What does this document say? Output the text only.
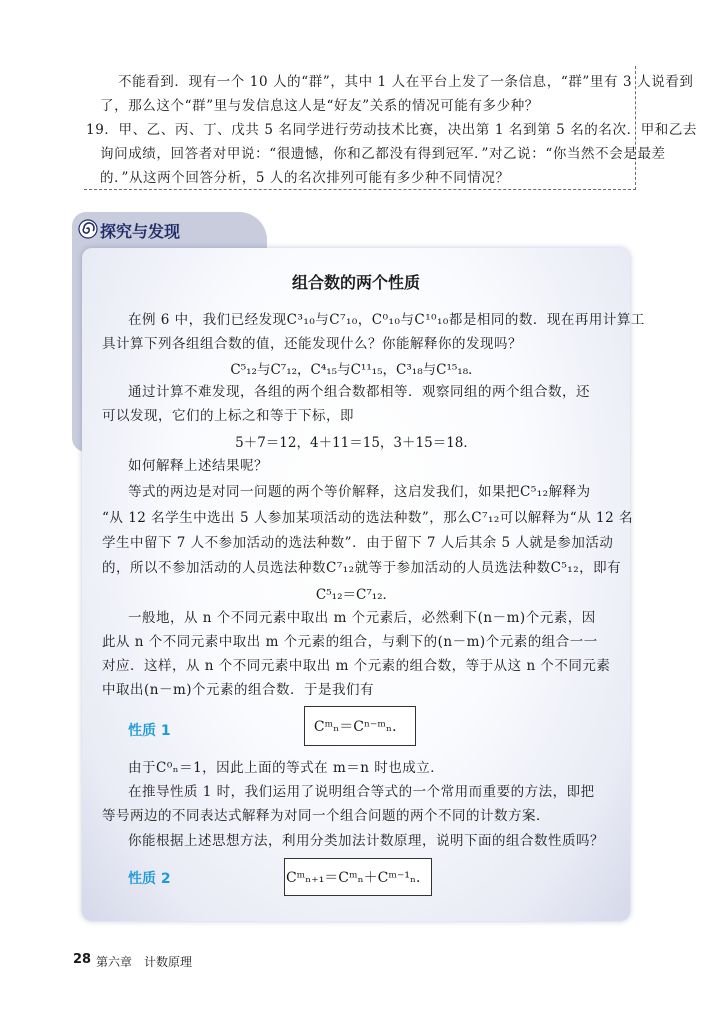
不能看到．现有一个 10 人的“群”，其中 1 人在平台上发了一条信息，“群”里有 3 人说看到
了，那么这个“群”里与发信息这人是“好友”关系的情况可能有多少种？
19．甲、乙、丙、丁、戊共 5 名同学进行劳动技术比赛，决出第 1 名到第 5 名的名次．甲和乙去
询问成绩，回答者对甲说：“很遗憾，你和乙都没有得到冠军．”对乙说：“你当然不会是最差
的．”从这两个回答分析，5 人的名次排列可能有多少种不同情况？
探究与发现
组合数的两个性质
在例 6 中，我们已经发现C³₁₀与C⁷₁₀，C⁰₁₀与C¹⁰₁₀都是相同的数．现在再用计算工
具计算下列各组组合数的值，还能发现什么？你能解释你的发现吗？
C⁵₁₂与C⁷₁₂，C⁴₁₅与C¹¹₁₅，C³₁₈与C¹⁵₁₈．
通过计算不难发现，各组的两个组合数都相等．观察同组的两个组合数，还
可以发现，它们的上标之和等于下标，即
5＋7＝12，4＋11＝15，3＋15＝18．
如何解释上述结果呢？
等式的两边是对同一问题的两个等价解释，这启发我们，如果把C⁵₁₂解释为
“从 12 名学生中选出 5 人参加某项活动的选法种数”，那么C⁷₁₂可以解释为“从 12 名
学生中留下 7 人不参加活动的选法种数”．由于留下 7 人后其余 5 人就是参加活动
的，所以不参加活动的人员选法种数C⁷₁₂就等于参加活动的人员选法种数C⁵₁₂，即有
C⁵₁₂＝C⁷₁₂．
一般地，从 n 个不同元素中取出 m 个元素后，必然剩下(n－m)个元素，因
此从 n 个不同元素中取出 m 个元素的组合，与剩下的(n－m)个元素的组合一一
对应．这样，从 n 个不同元素中取出 m 个元素的组合数，等于从这 n 个不同元素
中取出(n－m)个元素的组合数．于是我们有
性质 1	Cᵐₙ＝Cⁿ⁻ᵐₙ．
由于C⁰ₙ＝1，因此上面的等式在 m＝n 时也成立．
在推导性质 1 时，我们运用了说明组合等式的一个常用而重要的方法，即把
等号两边的不同表达式解释为对同一个组合问题的两个不同的计数方案．
你能根据上述思想方法，利用分类加法计数原理，说明下面的组合数性质吗？
性质 2	Cᵐₙ₊₁＝Cᵐₙ＋Cᵐ⁻¹ₙ．
28 第六章　计数原理
